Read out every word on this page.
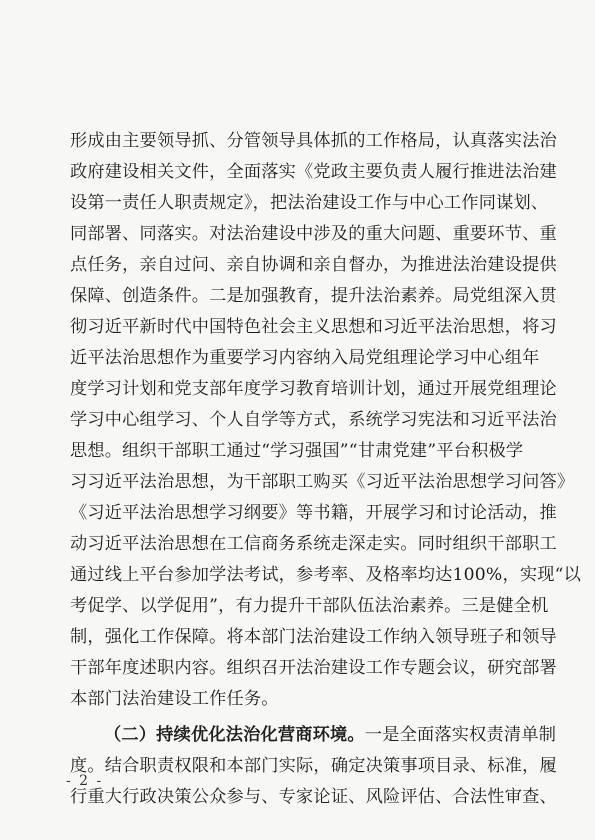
形成由主要领导抓、分管领导具体抓的工作格局，认真落实法治
政府建设相关文件，全面落实《党政主要负责人履行推进法治建
设第一责任人职责规定》，把法治建设工作与中心工作同谋划、
同部署、同落实。对法治建设中涉及的重大问题、重要环节、重
点任务，亲自过问、亲自协调和亲自督办，为推进法治建设提供
保障、创造条件。二是加强教育，提升法治素养。局党组深入贯
彻习近平新时代中国特色社会主义思想和习近平法治思想，将习
近平法治思想作为重要学习内容纳入局党组理论学习中心组年
度学习计划和党支部年度学习教育培训计划，通过开展党组理论
学习中心组学习、个人自学等方式，系统学习宪法和习近平法治
思想。组织干部职工通过“学习强国”“甘肃党建”平台积极学
习习近平法治思想，为干部职工购买《习近平法治思想学习问答》
《习近平法治思想学习纲要》等书籍，开展学习和讨论活动，推
动习近平法治思想在工信商务系统走深走实。同时组织干部职工
通过线上平台参加学法考试，参考率、及格率均达100%，实现“以
考促学、以学促用”，有力提升干部队伍法治素养。三是健全机
制，强化工作保障。将本部门法治建设工作纳入领导班子和领导
干部年度述职内容。组织召开法治建设工作专题会议，研究部署
本部门法治建设工作任务。
（二）持续优化法治化营商环境。一是全面落实权责清单制
度。结合职责权限和本部门实际，确定决策事项目录、标准，履
行重大行政决策公众参与、专家论证、风险评估、合法性审查、
- 2 -
